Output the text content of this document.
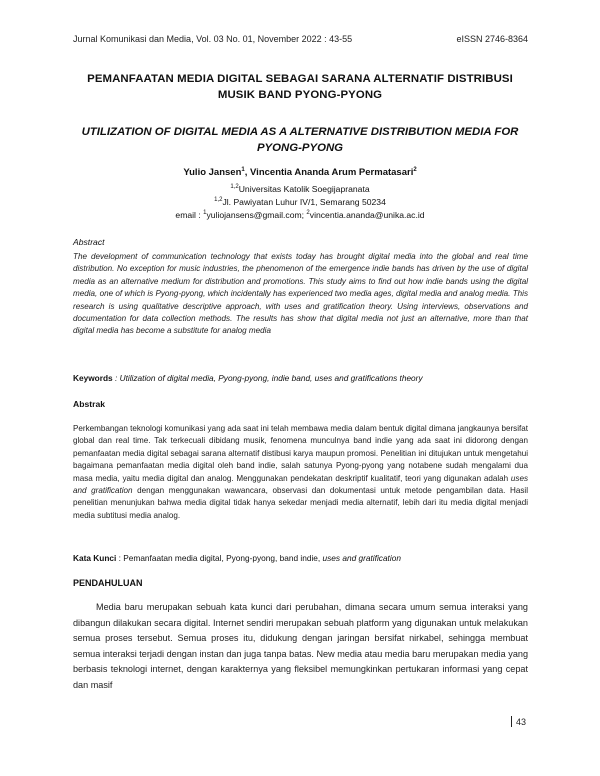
Jurnal Komunikasi dan Media, Vol. 03 No. 01, November 2022 : 43-55	eISSN 2746-8364
PEMANFAATAN MEDIA DIGITAL SEBAGAI SARANA ALTERNATIF DISTRIBUSI
MUSIK BAND PYONG-PYONG
UTILIZATION OF DIGITAL MEDIA AS A ALTERNATIVE DISTRIBUTION MEDIA FOR
PYONG-PYONG
Yulio Jansen$^1$, Vincentia Ananda Arum Permatasari$^2$
$^{1,2}$Universitas Katolik Soegijapranata
$^{1,2}$Jl. Pawiyatan Luhur IV/1, Semarang 50234
email : $^1$yuliojansens@gmail.com; $^2$vincentia.ananda@unika.ac.id
Abstract
The development of communication technology that exists today has brought digital media into the global and real time distribution. No exception for music industries, the phenomenon of the emergence indie bands has driven by the use of digital media as an alternative medium for distribution and promotions. This study aims to find out how indie bands using the digital media, one of which is Pyong-pyong, which incidentally has experienced two media ages, digital media and analog media. This research is using qualitative descriptive approach, with uses and gratification theory. Using interviews, observations and documentation for data collection methods. The results has show that digital media not just an alternative, more than that digital media has become a substitute for analog media
Keywords : Utilization of digital media, Pyong-pyong, indie band, uses and gratifications theory
Abstrak
Perkembangan teknologi komunikasi yang ada saat ini telah membawa media dalam bentuk digital dimana jangkaunya bersifat global dan real time. Tak terkecuali dibidang musik, fenomena munculnya band indie yang ada saat ini didorong dengan pemanfaatan media digital sebagai sarana alternatif distibusi karya maupun promosi. Penelitian ini ditujukan untuk mengetahui bagaimana pemanfaatan media digital oleh band indie, salah satunya Pyong-pyong yang notabene sudah mengalami dua masa media, yaitu media digital dan analog. Menggunakan pendekatan deskriptif kualitatif, teori yang digunakan adalah uses and gratification dengan menggunakan wawancara, observasi dan dokumentasi untuk metode pengambilan data. Hasil penelitian menunjukan bahwa media digital tidak hanya sekedar menjadi media alternatif, lebih dari itu media digital menjadi media subtitusi media analog.
Kata Kunci : Pemanfaatan media digital, Pyong-pyong, band indie, uses and gratification
PENDAHULUAN
Media baru merupakan sebuah kata kunci dari perubahan, dimana secara umum semua interaksi yang dibangun dilakukan secara digital. Internet sendiri merupakan sebuah platform yang digunakan untuk melakukan semua proses tersebut. Semua proses itu, didukung dengan jaringan bersifat nirkabel, sehingga membuat semua interaksi terjadi dengan instan dan juga tanpa batas. New media atau media baru merupakan media yang berbasis teknologi internet, dengan karakternya yang fleksibel memungkinkan pertukaran informasi yang cepat dan masif
43
